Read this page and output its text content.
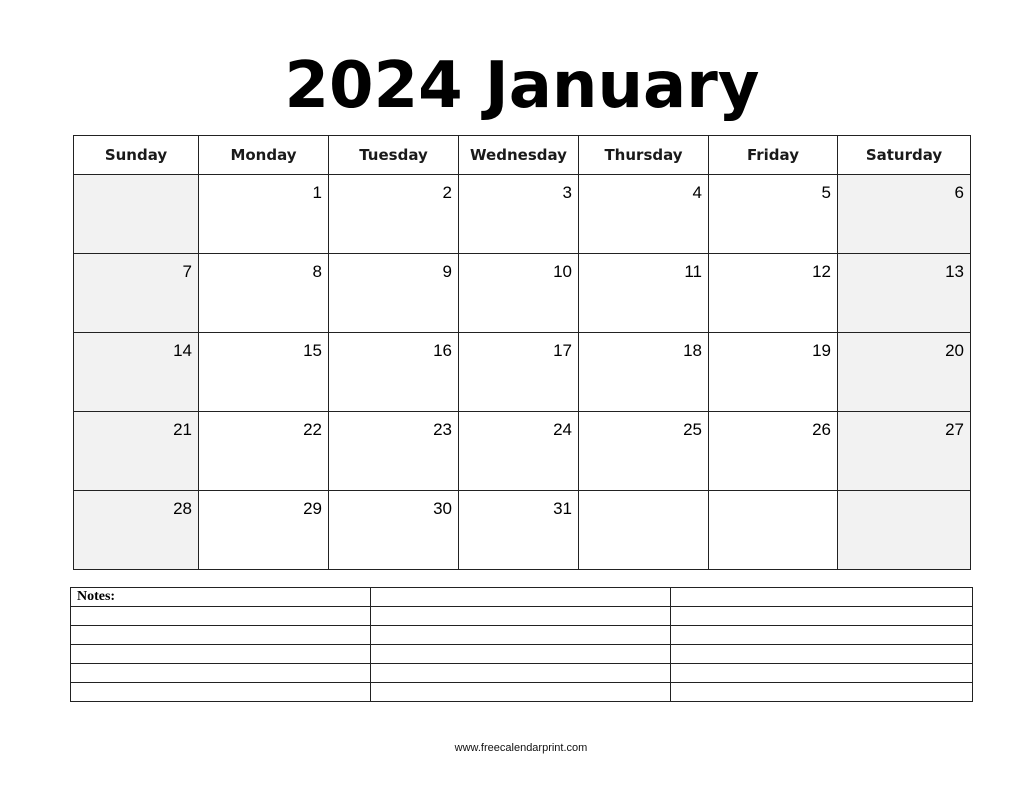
2024 January
Sunday	Monday	Tuesday	Wednesday	Thursday	Friday	Saturday

	1	2	3	4	5	6

7	8	9	10	11	12	13

14	15	16	17	18	19	20

21	22	23	24	25	26	27

28	29	30	31			

Notes:		

www.freecalendarprint.com
